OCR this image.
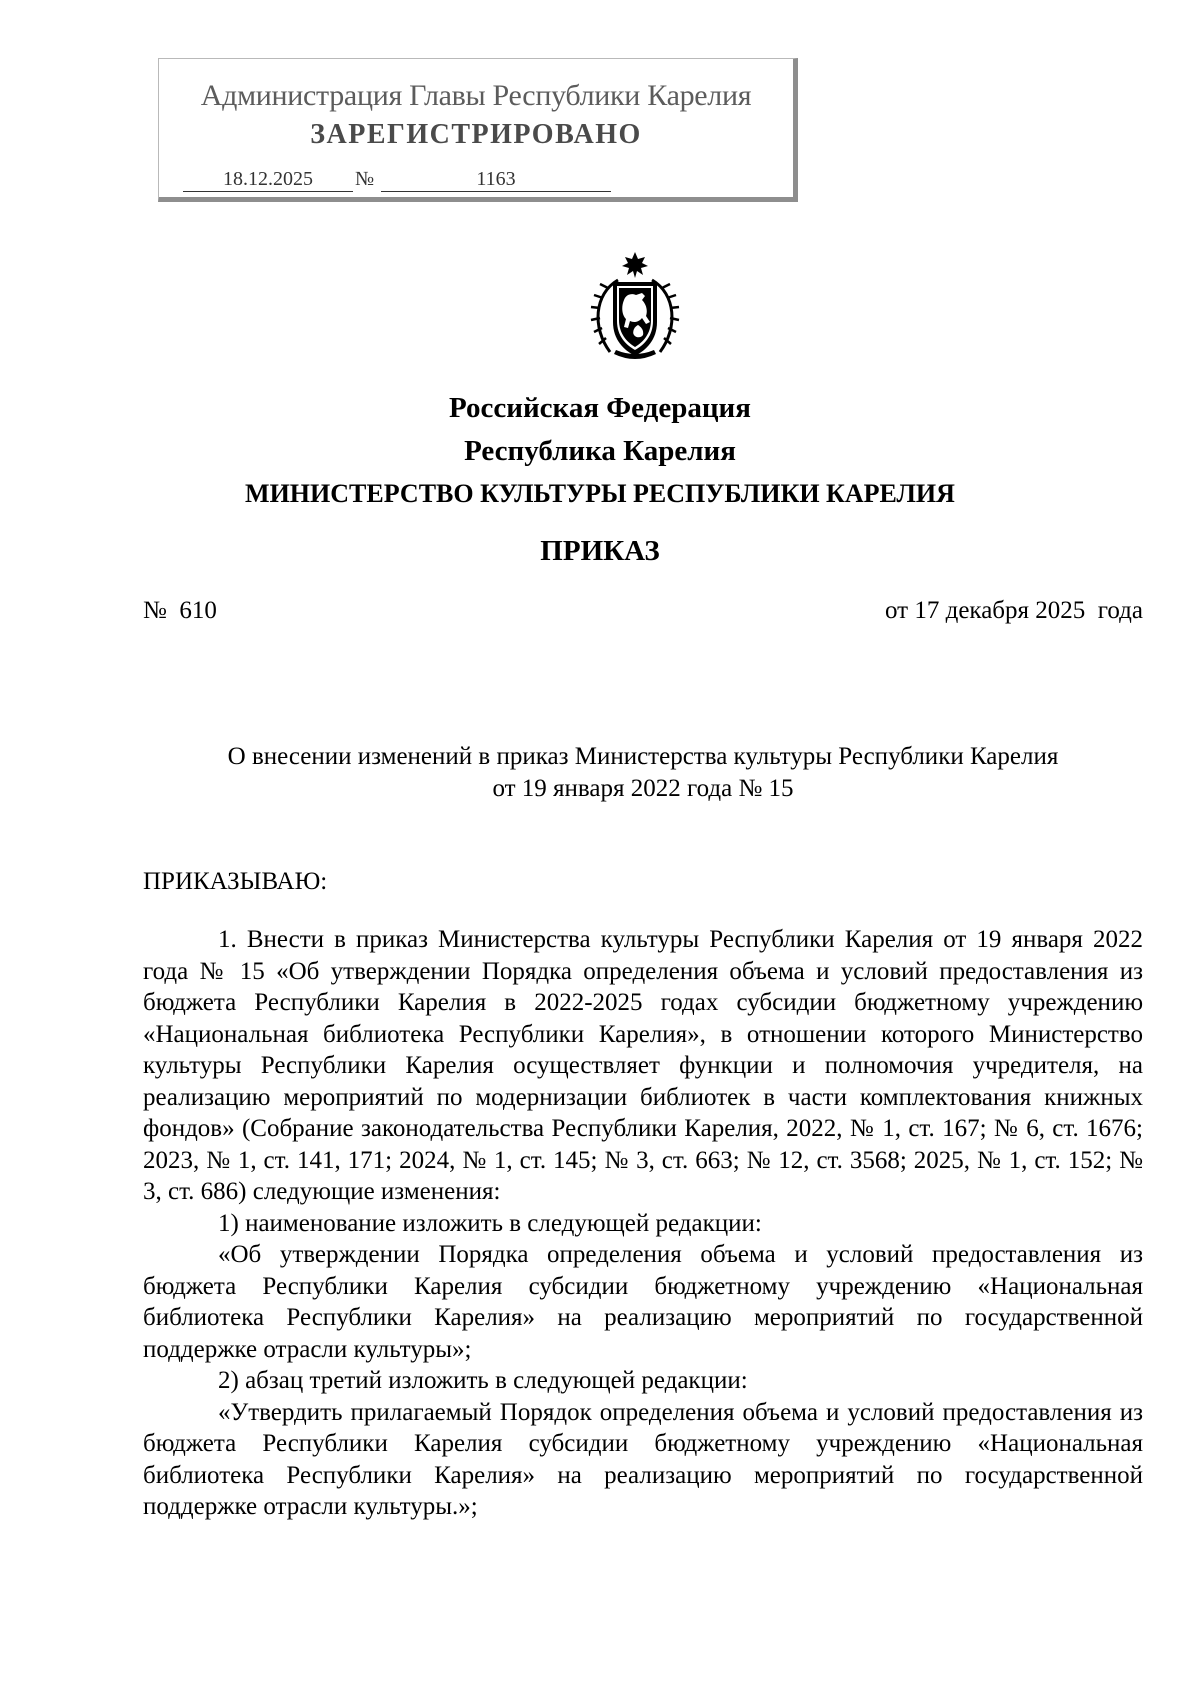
Администрация Главы Республики Карелия
ЗАРЕГИСТРИРОВАНО
18.12.2025	№	1163
Российская Федерация
Республика Карелия
МИНИСТЕРСТВО КУЛЬТУРЫ РЕСПУБЛИКИ КАРЕЛИЯ
ПРИКАЗ
№  610	от 17 декабря 2025  года
О внесении изменений в приказ Министерства культуры Республики Карелия
от 19 января 2022 года № 15
ПРИКАЗЫВАЮ:

1. Внести в приказ Министерства культуры Республики Карелия от 19 января 2022 года № 15 «Об утверждении Порядка определения объема и условий предоставления из бюджета Республики Карелия в 2022-2025 годах субсидии бюджетному учреждению «Национальная библиотека Республики Карелия», в отношении которого Министерство культуры Республики Карелия осуществляет функции и полномочия учредителя, на реализацию мероприятий по модернизации библиотек в части комплектования книжных фондов» (Собрание законодательства Республики Карелия, 2022, № 1, ст. 167; № 6, ст. 1676; 2023, № 1, ст. 141, 171; 2024, № 1, ст. 145; № 3, ст. 663; № 12, ст. 3568; 2025, № 1, ст. 152; № 3, ст. 686) следующие изменения:

1) наименование изложить в следующей редакции:

«Об утверждении Порядка определения объема и условий предоставления из бюджета Республики Карелия субсидии бюджетному учреждению «Национальная библиотека Республики Карелия» на реализацию мероприятий по государственной поддержке отрасли культуры»;

2) абзац третий изложить в следующей редакции:

«Утвердить прилагаемый Порядок определения объема и условий предоставления из бюджета Республики Карелия субсидии бюджетному учреждению «Национальная библиотека Республики Карелия» на реализацию мероприятий по государственной поддержке отрасли культуры.»;
